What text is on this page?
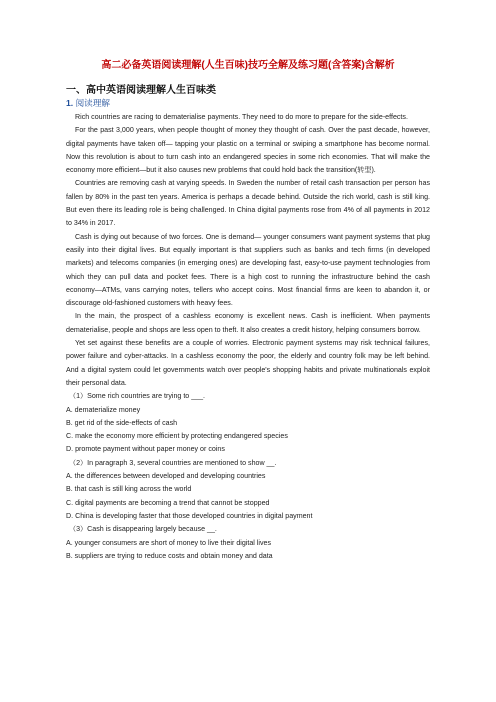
高二必备英语阅读理解(人生百味)技巧全解及练习题(含答案)含解析
一、高中英语阅读理解人生百味类
1. 阅读理解

Rich countries are racing to dematerialise payments. They need to do more to prepare for the side-effects.

For the past 3,000 years, when people thought of money they thought of cash. Over the past decade, however, digital payments have taken off— tapping your plastic on a terminal or swiping a smartphone has become normal. Now this revolution is about to turn cash into an endangered species in some rich economies. That will make the economy more efficient—but it also causes new problems that could hold back the transition(转型).

Countries are removing cash at varying speeds. In Sweden the number of retail cash transaction per person has fallen by 80% in the past ten years. America is perhaps a decade behind. Outside the rich world, cash is still king. But even there its leading role is being challenged. In China digital payments rose from 4% of all payments in 2012 to 34% in 2017.

Cash is dying out because of two forces. One is demand— younger consumers want payment systems that plug easily into their digital lives. But equally important is that suppliers such as banks and tech firms (in developed markets) and telecoms companies (in emerging ones) are developing fast, easy-to-use payment technologies from which they can pull data and pocket fees. There is a high cost to running the infrastructure behind the cash economy—ATMs, vans carrying notes, tellers who accept coins. Most financial firms are keen to abandon it, or discourage old-fashioned customers with heavy fees.

In the main, the prospect of a cashless economy is excellent news. Cash is inefficient. When payments dematerialise, people and shops are less open to theft. It also creates a credit history, helping consumers borrow.

Yet set against these benefits are a couple of worries. Electronic payment systems may risk technical failures, power failure and cyber-attacks. In a cashless economy the poor, the elderly and country folk may be left behind. And a digital system could let governments watch over people's shopping habits and private multinationals exploit their personal data.

（1）Some rich countries are trying to ___.

A. dematerialize money

B. get rid of the side-effects of cash

C. make the economy more efficient by protecting endangered species

D. promote payment without paper money or coins

（2）In paragraph 3, several countries are mentioned to show __.

A. the differences between developed and developing countries

B. that cash is still king across the world

C. digital payments are becoming a trend that cannot be stopped

D. China is developing faster that those developed countries in digital payment

（3）Cash is disappearing largely because __.

A. younger consumers are short of money to live their digital lives

B. suppliers are trying to reduce costs and obtain money and data
